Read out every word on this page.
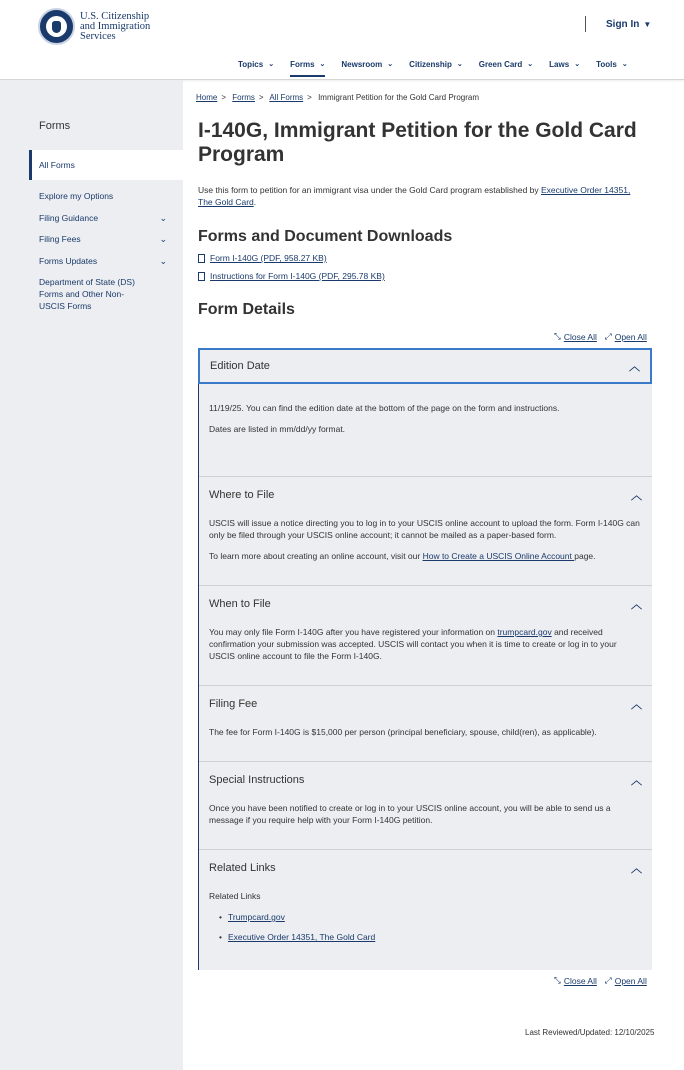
U.S. Citizenship
and Immigration
Services
Sign In ▼
Topics ⌄ Forms ⌄ Newsroom ⌄ Citizenship ⌄ Green Card ⌄ Laws ⌄ Tools ⌄
Forms
All Forms
Explore my Options
Filing Guidance	⌄
Filing Fees	⌄
Forms Updates	⌄
Department of State (DS) Forms and Other Non-USCIS Forms
Home > Forms > All Forms > Immigrant Petition for the Gold Card Program
I-140G, Immigrant Petition for the Gold Card Program
Use this form to petition for an immigrant visa under the Gold Card program established by Executive Order 14351, The Gold Card.
Forms and Document Downloads
Form I-140G (PDF, 958.27 KB)
Instructions for Form I-140G (PDF, 295.78 KB)
Form Details
⤡ Close All ⤢ Open All
Edition Date	︿

11/19/25. You can find the edition date at the bottom of the page on the form and instructions.

Dates are listed in mm/dd/yy format.

Where to File	︿

USCIS will issue a notice directing you to log in to your USCIS online account to upload the form. Form I-140G can only be filed through your USCIS online account; it cannot be mailed as a paper-based form.

To learn more about creating an online account, visit our How to Create a USCIS Online Account page.

When to File	︿

You may only file Form I-140G after you have registered your information on trumpcard.gov and received confirmation your submission was accepted. USCIS will contact you when it is time to create or log in to your USCIS online account to file the Form I-140G.

Filing Fee	︿

The fee for Form I-140G is $15,000 per person (principal beneficiary, spouse, child(ren), as applicable).

Special Instructions	︿

Once you have been notified to create or log in to your USCIS online account, you will be able to send us a message if you require help with your Form I-140G petition.

Related Links	︿

Related Links

• Trumpcard.gov
• Executive Order 14351, The Gold Card
⤡ Close All ⤢ Open All
Last Reviewed/Updated: 12/10/2025
